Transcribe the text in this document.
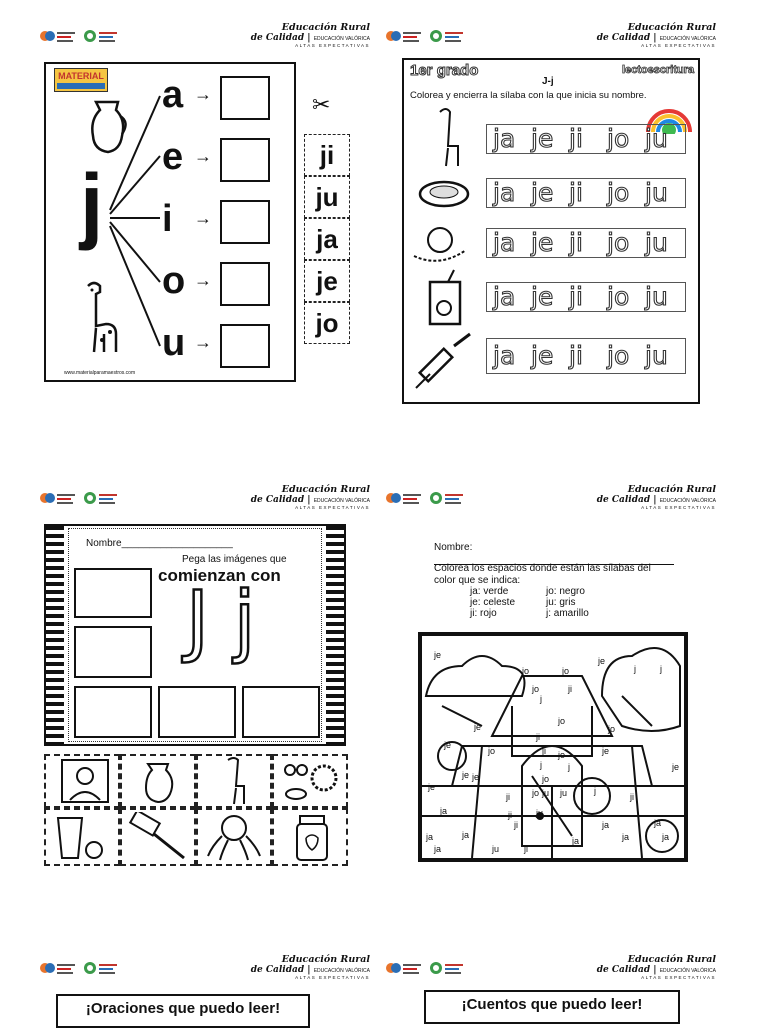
Educación Rural
de Calidad | EDUCACIÓN VALÓRICA
ALTAS EXPECTATIVAS
Educación Rural
de Calidad | EDUCACIÓN VALÓRICA
ALTAS EXPECTATIVAS
Educación Rural
de Calidad | EDUCACIÓN VALÓRICA
ALTAS EXPECTATIVAS
Educación Rural
de Calidad | EDUCACIÓN VALÓRICA
ALTAS EXPECTATIVAS
Educación Rural
de Calidad | EDUCACIÓN VALÓRICA
ALTAS EXPECTATIVAS
Educación Rural
de Calidad | EDUCACIÓN VALÓRICA
ALTAS EXPECTATIVAS
MATERIAL
j
a →
e →
i →
o →
u →
✂
ji
ju
ja
je
jo
www.materialparamaestros.com
1er grado
J-j
lectoescritura
Colorea y encierra la sílaba con la que inicia su nombre.
ja je ji jo ju
ja je ji jo ju
ja je ji jo ju
ja je ji jo ju
ja je ji jo ju
Nombre____________________
Pega las imágenes que
comienzan con
J j
Nombre:
Colorea los espacios donde están las sílabas del color que se indica:
ja: verde	jo: negro
je: celeste	ju: gris
ji: rojo	j: amarillo
je
je
jo	jo	j	j
jo	ji
j
jo
je
je
jo
ji
jo
je
je
ji jo
j
j
jo
je
je
jo	j
ji
je
ji
ju ju
ji
ja	ju
ji
ja
ja
ja	ji
ju
ja
ja
ja
ja
ja
¡Oraciones que puedo leer!	¡Cuentos que puedo leer!
